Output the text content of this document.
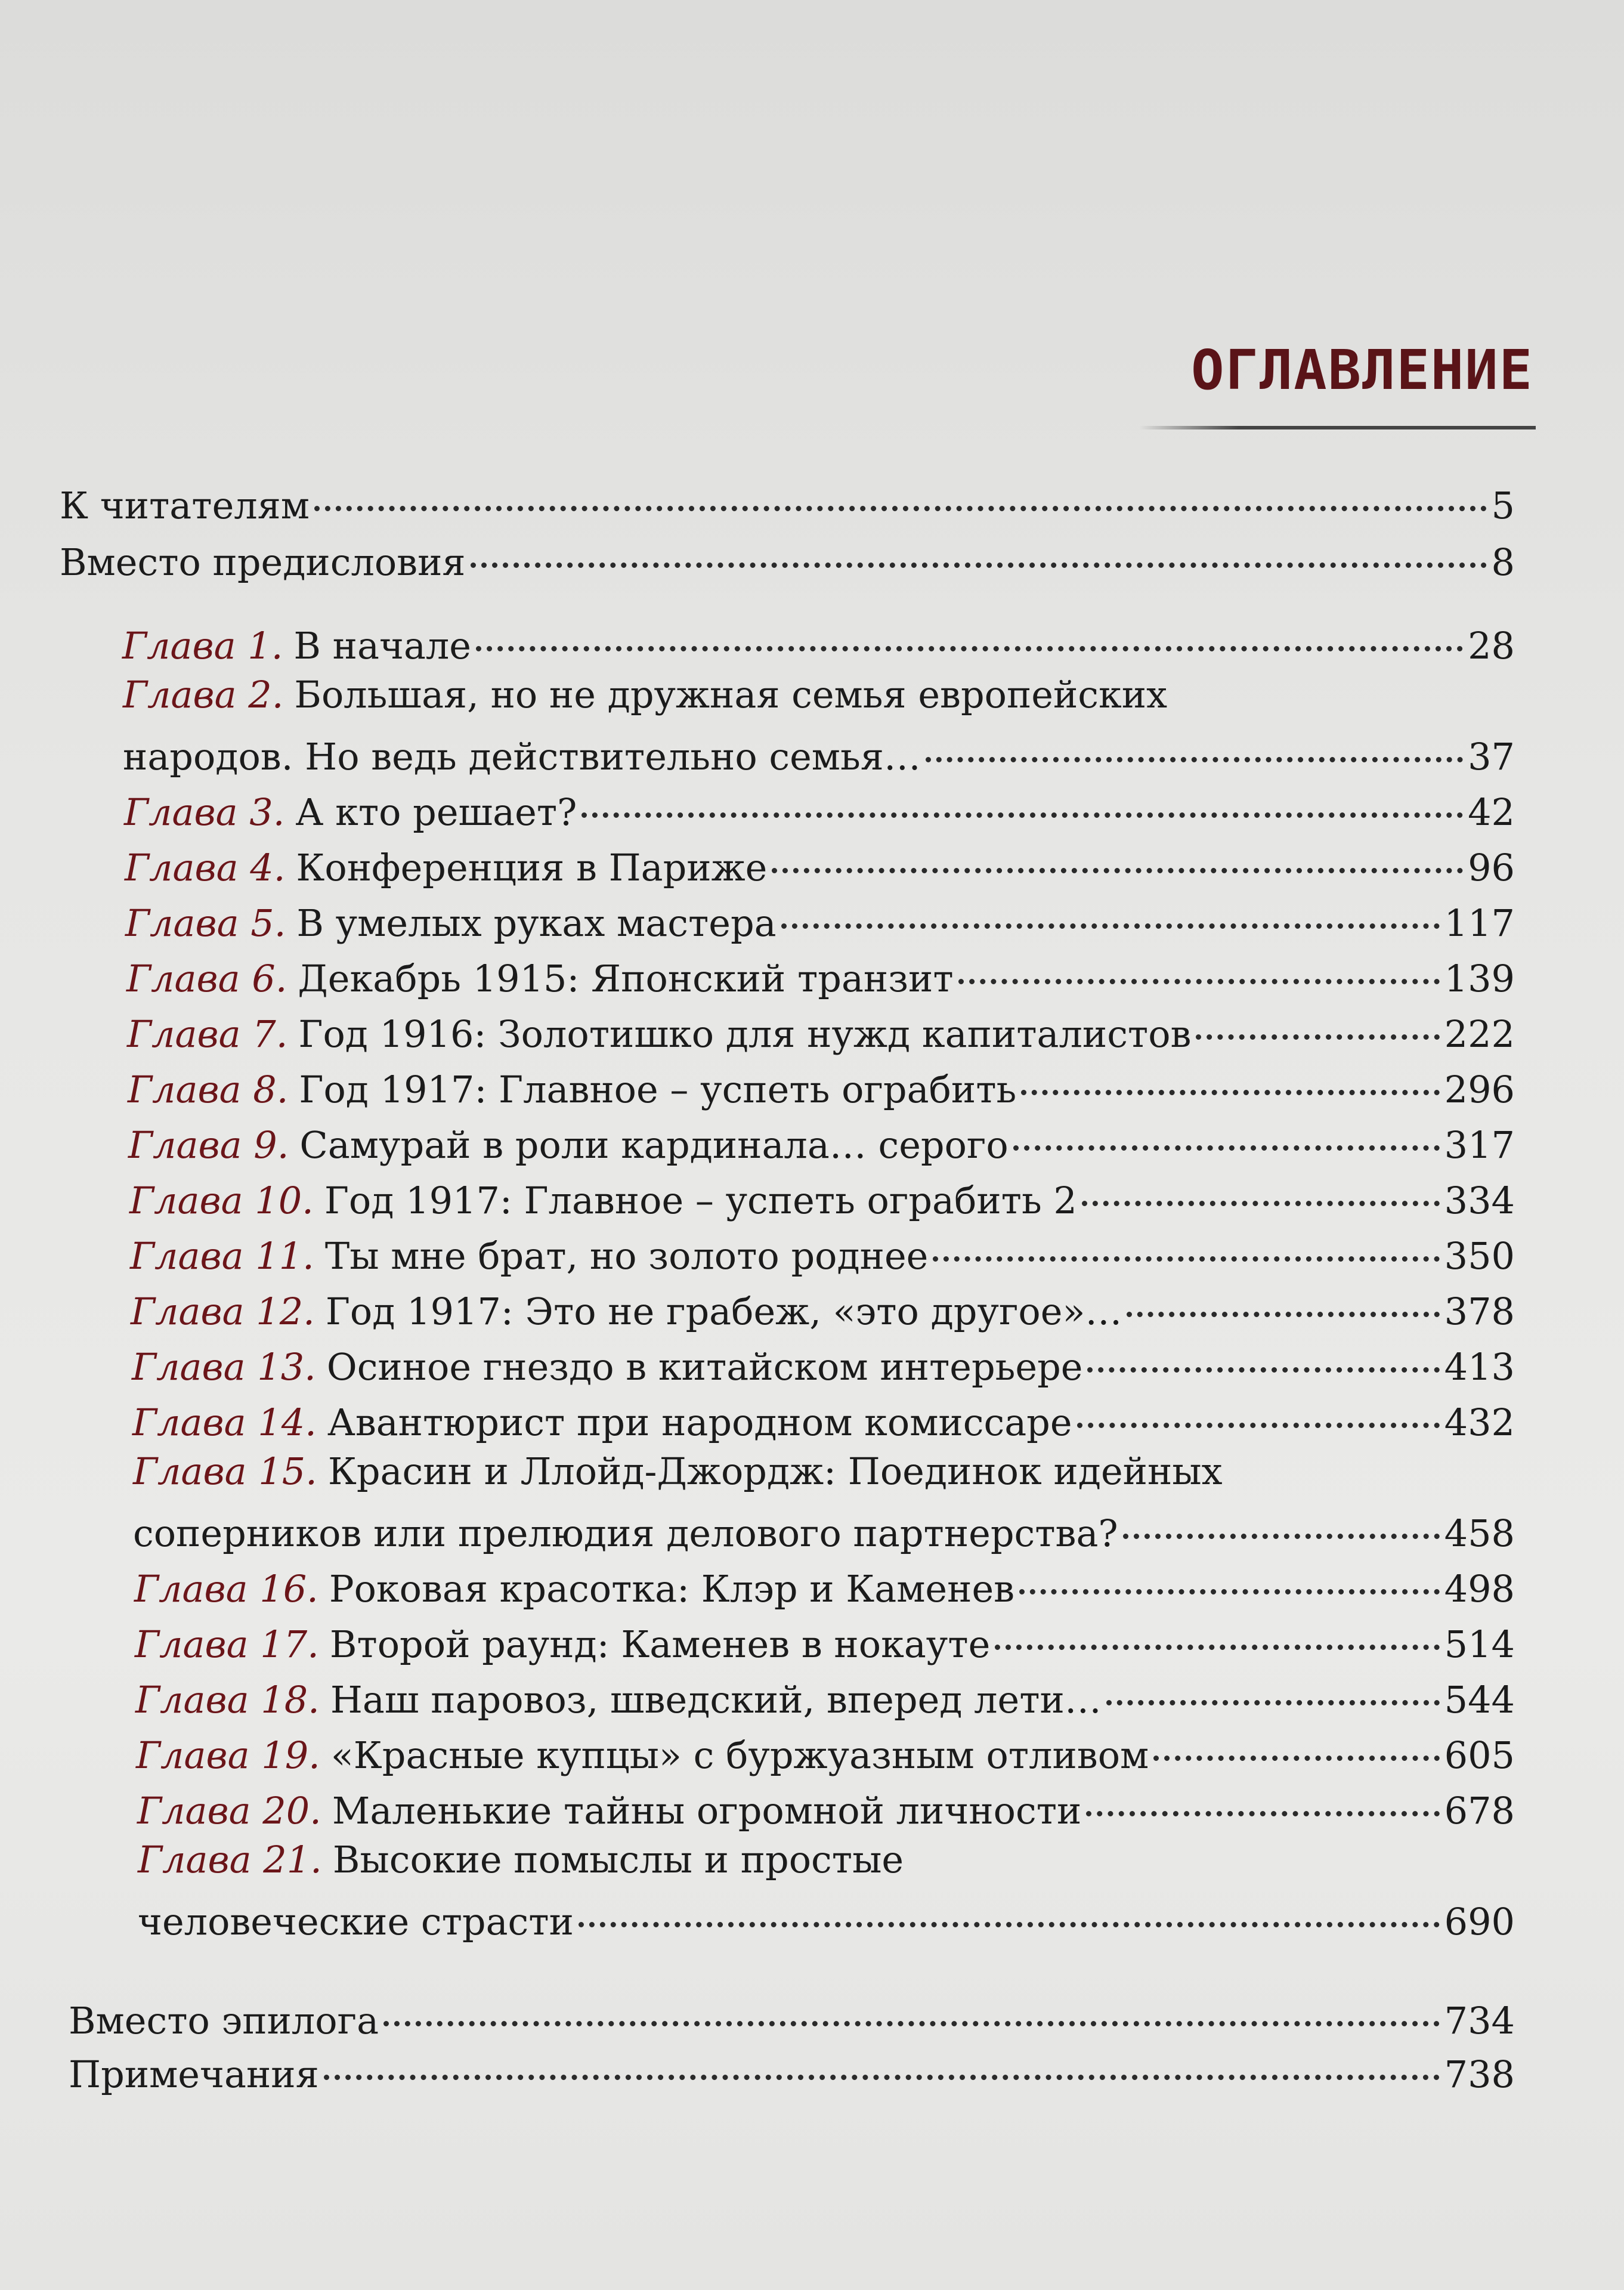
ОГЛАВЛЕНИЕ
К читателям	5
Вместо предисловия	8
Глава 1. В начале	28
Глава 2. Большая, но не дружная семья европейских
народов. Но ведь действительно семья…	37
Глава 3. А кто решает?	42
Глава 4. Конференция в Париже	96
Глава 5. В умелых руках мастера	117
Глава 6. Декабрь 1915: Японский транзит	139
Глава 7. Год 1916: Золотишко для нужд капиталистов	222
Глава 8. Год 1917: Главное – успеть ограбить	296
Глава 9. Самурай в роли кардинала… серого	317
Глава 10. Год 1917: Главное – успеть ограбить 2	334
Глава 11. Ты мне брат, но золото роднее	350
Глава 12. Год 1917: Это не грабеж, «это другое»…	378
Глава 13. Осиное гнездо в китайском интерьере	413
Глава 14. Авантюрист при народном комиссаре	432
Глава 15. Красин и Ллойд-Джордж: Поединок идейных
соперников или прелюдия делового партнерства?	458
Глава 16. Роковая красотка: Клэр и Каменев	498
Глава 17. Второй раунд: Каменев в нокауте	514
Глава 18. Наш паровоз, шведский, вперед лети…	544
Глава 19. «Красные купцы» с буржуазным отливом	605
Глава 20. Маленькие тайны огромной личности	678
Глава 21. Высокие помыслы и простые
человеческие страсти	690
Вместо эпилога	734
Примечания	738
